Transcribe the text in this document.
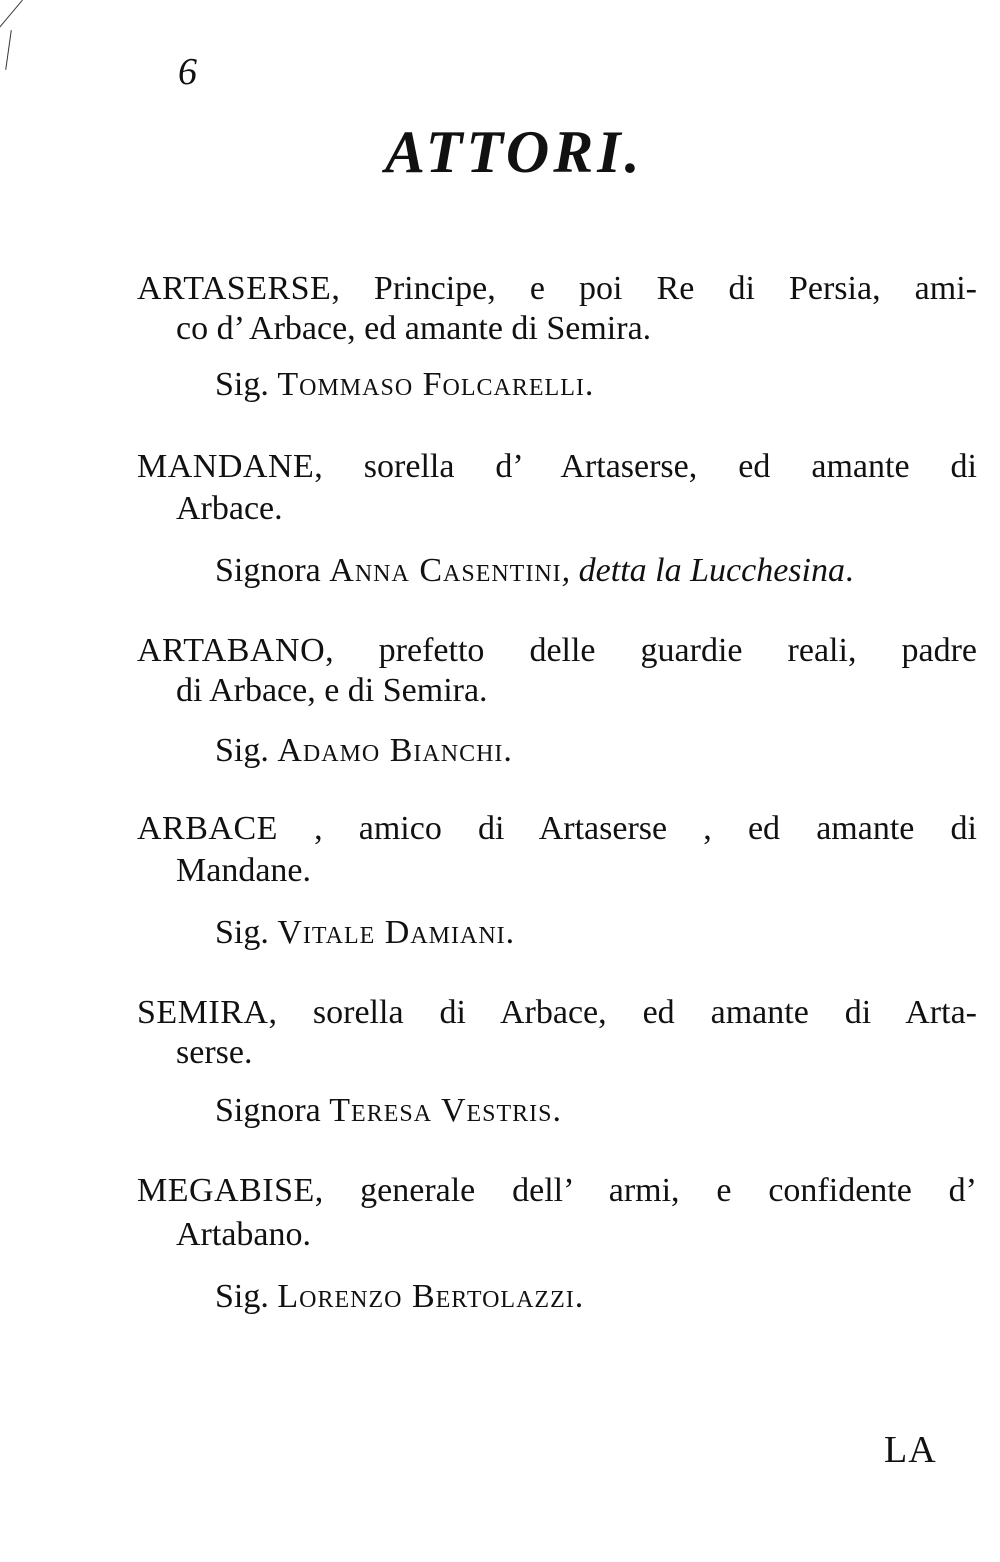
6
ATTORI.
ARTASERSE, Principe, e poi Re di Persia, ami-
co d’ Arbace, ed amante di Semira.
Sig. Tommaso Folcarelli.
MANDANE, sorella d’ Artaserse, ed amante di
Arbace.
Signora Anna Casentini, detta la Lucchesina.
ARTABANO, prefetto delle guardie reali, padre
di Arbace, e di Semira.
Sig. Adamo Bianchi.
ARBACE , amico di Artaserse , ed amante di
Mandane.
Sig. Vitale Damiani.
SEMIRA, sorella di Arbace, ed amante di Arta-
serse.
Signora Teresa Vestris.
MEGABISE, generale dell’ armi, e confidente d’
Artabano.
Sig. Lorenzo Bertolazzi.
LA
